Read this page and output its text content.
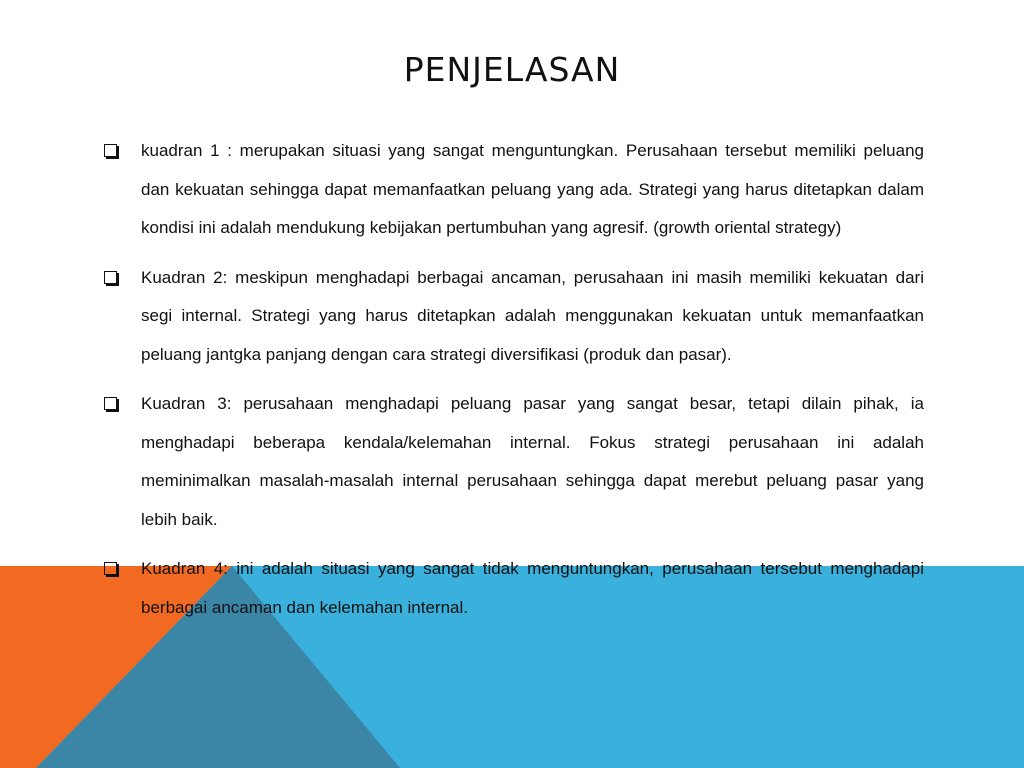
PENJELASAN
kuadran 1 : merupakan situasi yang sangat menguntungkan. Perusahaan tersebut memiliki peluang dan kekuatan sehingga dapat memanfaatkan peluang yang ada. Strategi yang harus ditetapkan dalam kondisi ini adalah mendukung kebijakan pertumbuhan yang agresif. (growth oriental strategy)
Kuadran 2: meskipun menghadapi berbagai ancaman, perusahaan ini masih memiliki kekuatan dari segi internal. Strategi yang harus ditetapkan adalah menggunakan kekuatan untuk memanfaatkan peluang jantgka panjang dengan cara strategi diversifikasi (produk dan pasar).
Kuadran 3: perusahaan menghadapi peluang pasar yang sangat besar, tetapi dilain pihak, ia menghadapi beberapa kendala/kelemahan internal. Fokus strategi perusahaan ini adalah meminimalkan masalah-masalah internal perusahaan sehingga dapat merebut peluang pasar yang lebih baik.
Kuadran 4: ini adalah situasi yang sangat tidak menguntungkan, perusahaan tersebut menghadapi berbagai ancaman dan kelemahan internal.
